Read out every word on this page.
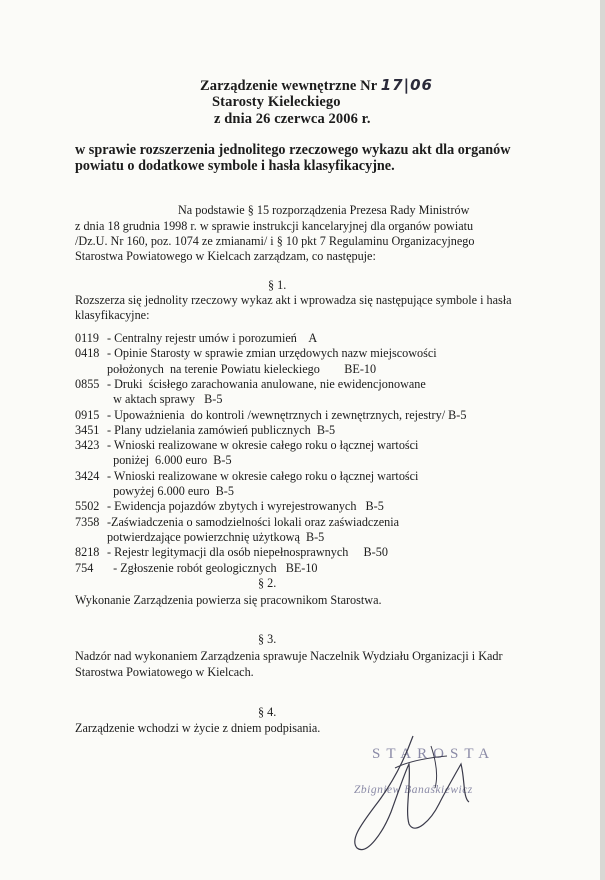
Zarządzenie wewnętrzne Nr 17|06
Starosty Kieleckiego
z dnia 26 czerwca 2006 r.
w sprawie rozszerzenia jednolitego rzeczowego wykazu akt dla organów
powiatu o dodatkowe symbole i hasła klasyfikacyjne.
Na podstawie § 15 rozporządzenia Prezesa Rady Ministrów
z dnia 18 grudnia 1998 r. w sprawie instrukcji kancelaryjnej dla organów powiatu
/Dz.U. Nr 160, poz. 1074 ze zmianami/ i § 10 pkt 7 Regulaminu Organizacyjnego
Starostwa Powiatowego w Kielcach zarządzam, co następuje:
§ 1.
Rozszerza się jednolity rzeczowy wykaz akt i wprowadza się następujące symbole i hasła
klasyfikacyjne:
0119 - Centralny rejestr umów i porozumień    A
0418 - Opinie Starosty w sprawie zmian urzędowych nazw miejscowości
położonych  na terenie Powiatu kieleckiego        BE-10
0855 - Druki  ścisłego zarachowania anulowane, nie ewidencjonowane
w aktach sprawy   B-5
0915 - Upoważnienia  do kontroli /wewnętrznych i zewnętrznych, rejestry/ B-5
3451 - Plany udzielania zamówień publicznych  B-5
3423 - Wnioski realizowane w okresie całego roku o łącznej wartości
poniżej  6.000 euro  B-5
3424 - Wnioski realizowane w okresie całego roku o łącznej wartości
powyżej 6.000 euro  B-5
5502 - Ewidencja pojazdów zbytych i wyrejestrowanych   B-5
7358 -Zaświadczenia o samodzielności lokali oraz zaświadczenia
potwierdzające powierzchnię użytkową  B-5
8218 - Rejestr legitymacji dla osób niepełnosprawnych     B-50
754  - Zgłoszenie robót geologicznych   BE-10
§ 2.
Wykonanie Zarządzenia powierza się pracownikom Starostwa.
§ 3.
Nadzór nad wykonaniem Zarządzenia sprawuje Naczelnik Wydziału Organizacji i Kadr
Starostwa Powiatowego w Kielcach.
§ 4.
Zarządzenie wchodzi w życie z dniem podpisania.
STAROSTA
Zbigniew Banaśkiewicz
